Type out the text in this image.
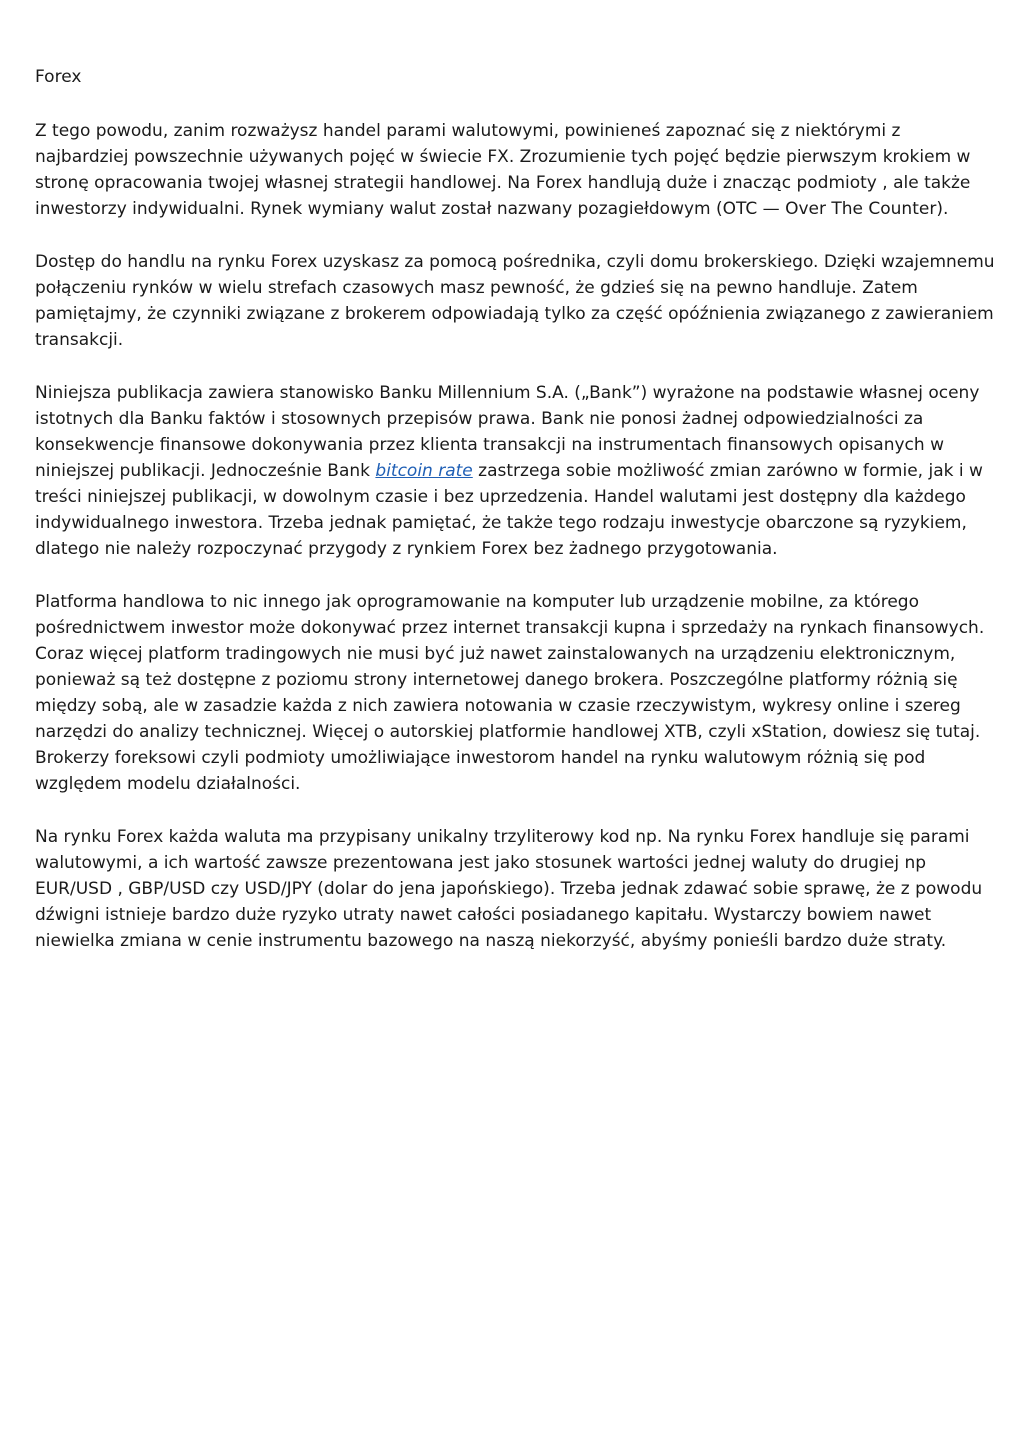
Forex

Z tego powodu, zanim rozważysz handel parami walutowymi, powinieneś zapoznać się z niektórymi z najbardziej powszechnie używanych pojęć w świecie FX. Zrozumienie tych pojęć będzie pierwszym krokiem w stronę opracowania twojej własnej strategii handlowej. Na Forex handlują duże i znacząc podmioty , ale także inwestorzy indywidualni. Rynek wymiany walut został nazwany pozagiełdowym (OTC — Over The Counter).

Dostęp do handlu na rynku Forex uzyskasz za pomocą pośrednika, czyli domu brokerskiego. Dzięki wzajemnemu połączeniu rynków w wielu strefach czasowych masz pewność, że gdzieś się na pewno handluje. Zatem pamiętajmy, że czynniki związane z brokerem odpowiadają tylko za część opóźnienia związanego z zawieraniem transakcji.

Niniejsza publikacja zawiera stanowisko Banku Millennium S.A. („Bank”) wyrażone na podstawie własnej oceny istotnych dla Banku faktów i stosownych przepisów prawa. Bank nie ponosi żadnej odpowiedzialności za konsekwencje finansowe dokonywania przez klienta transakcji na instrumentach finansowych opisanych w niniejszej publikacji. Jednocześnie Bank bitcoin rate zastrzega sobie możliwość zmian zarówno w formie, jak i w treści niniejszej publikacji, w dowolnym czasie i bez uprzedzenia. Handel walutami jest dostępny dla każdego indywidualnego inwestora. Trzeba jednak pamiętać, że także tego rodzaju inwestycje obarczone są ryzykiem, dlatego nie należy rozpoczynać przygody z rynkiem Forex bez żadnego przygotowania.

Platforma handlowa to nic innego jak oprogramowanie na komputer lub urządzenie mobilne, za którego pośrednictwem inwestor może dokonywać przez internet transakcji kupna i sprzedaży na rynkach finansowych. Coraz więcej platform tradingowych nie musi być już nawet zainstalowanych na urządzeniu elektronicznym, ponieważ są też dostępne z poziomu strony internetowej danego brokera. Poszczególne platformy różnią się między sobą, ale w zasadzie każda z nich zawiera notowania w czasie rzeczywistym, wykresy online i szereg narzędzi do analizy technicznej. Więcej o autorskiej platformie handlowej XTB, czyli xStation, dowiesz się tutaj. Brokerzy foreksowi czyli podmioty umożliwiające inwestorom handel na rynku walutowym różnią się pod względem modelu działalności.

Na rynku Forex każda waluta ma przypisany unikalny trzyliterowy kod np. Na rynku Forex handluje się parami walutowymi, a ich wartość zawsze prezentowana jest jako stosunek wartości jednej waluty do drugiej np EUR/USD , GBP/USD czy USD/JPY (dolar do jena japońskiego). Trzeba jednak zdawać sobie sprawę, że z powodu dźwigni istnieje bardzo duże ryzyko utraty nawet całości posiadanego kapitału. Wystarczy bowiem nawet niewielka zmiana w cenie instrumentu bazowego na naszą niekorzyść, abyśmy ponieśli bardzo duże straty.
